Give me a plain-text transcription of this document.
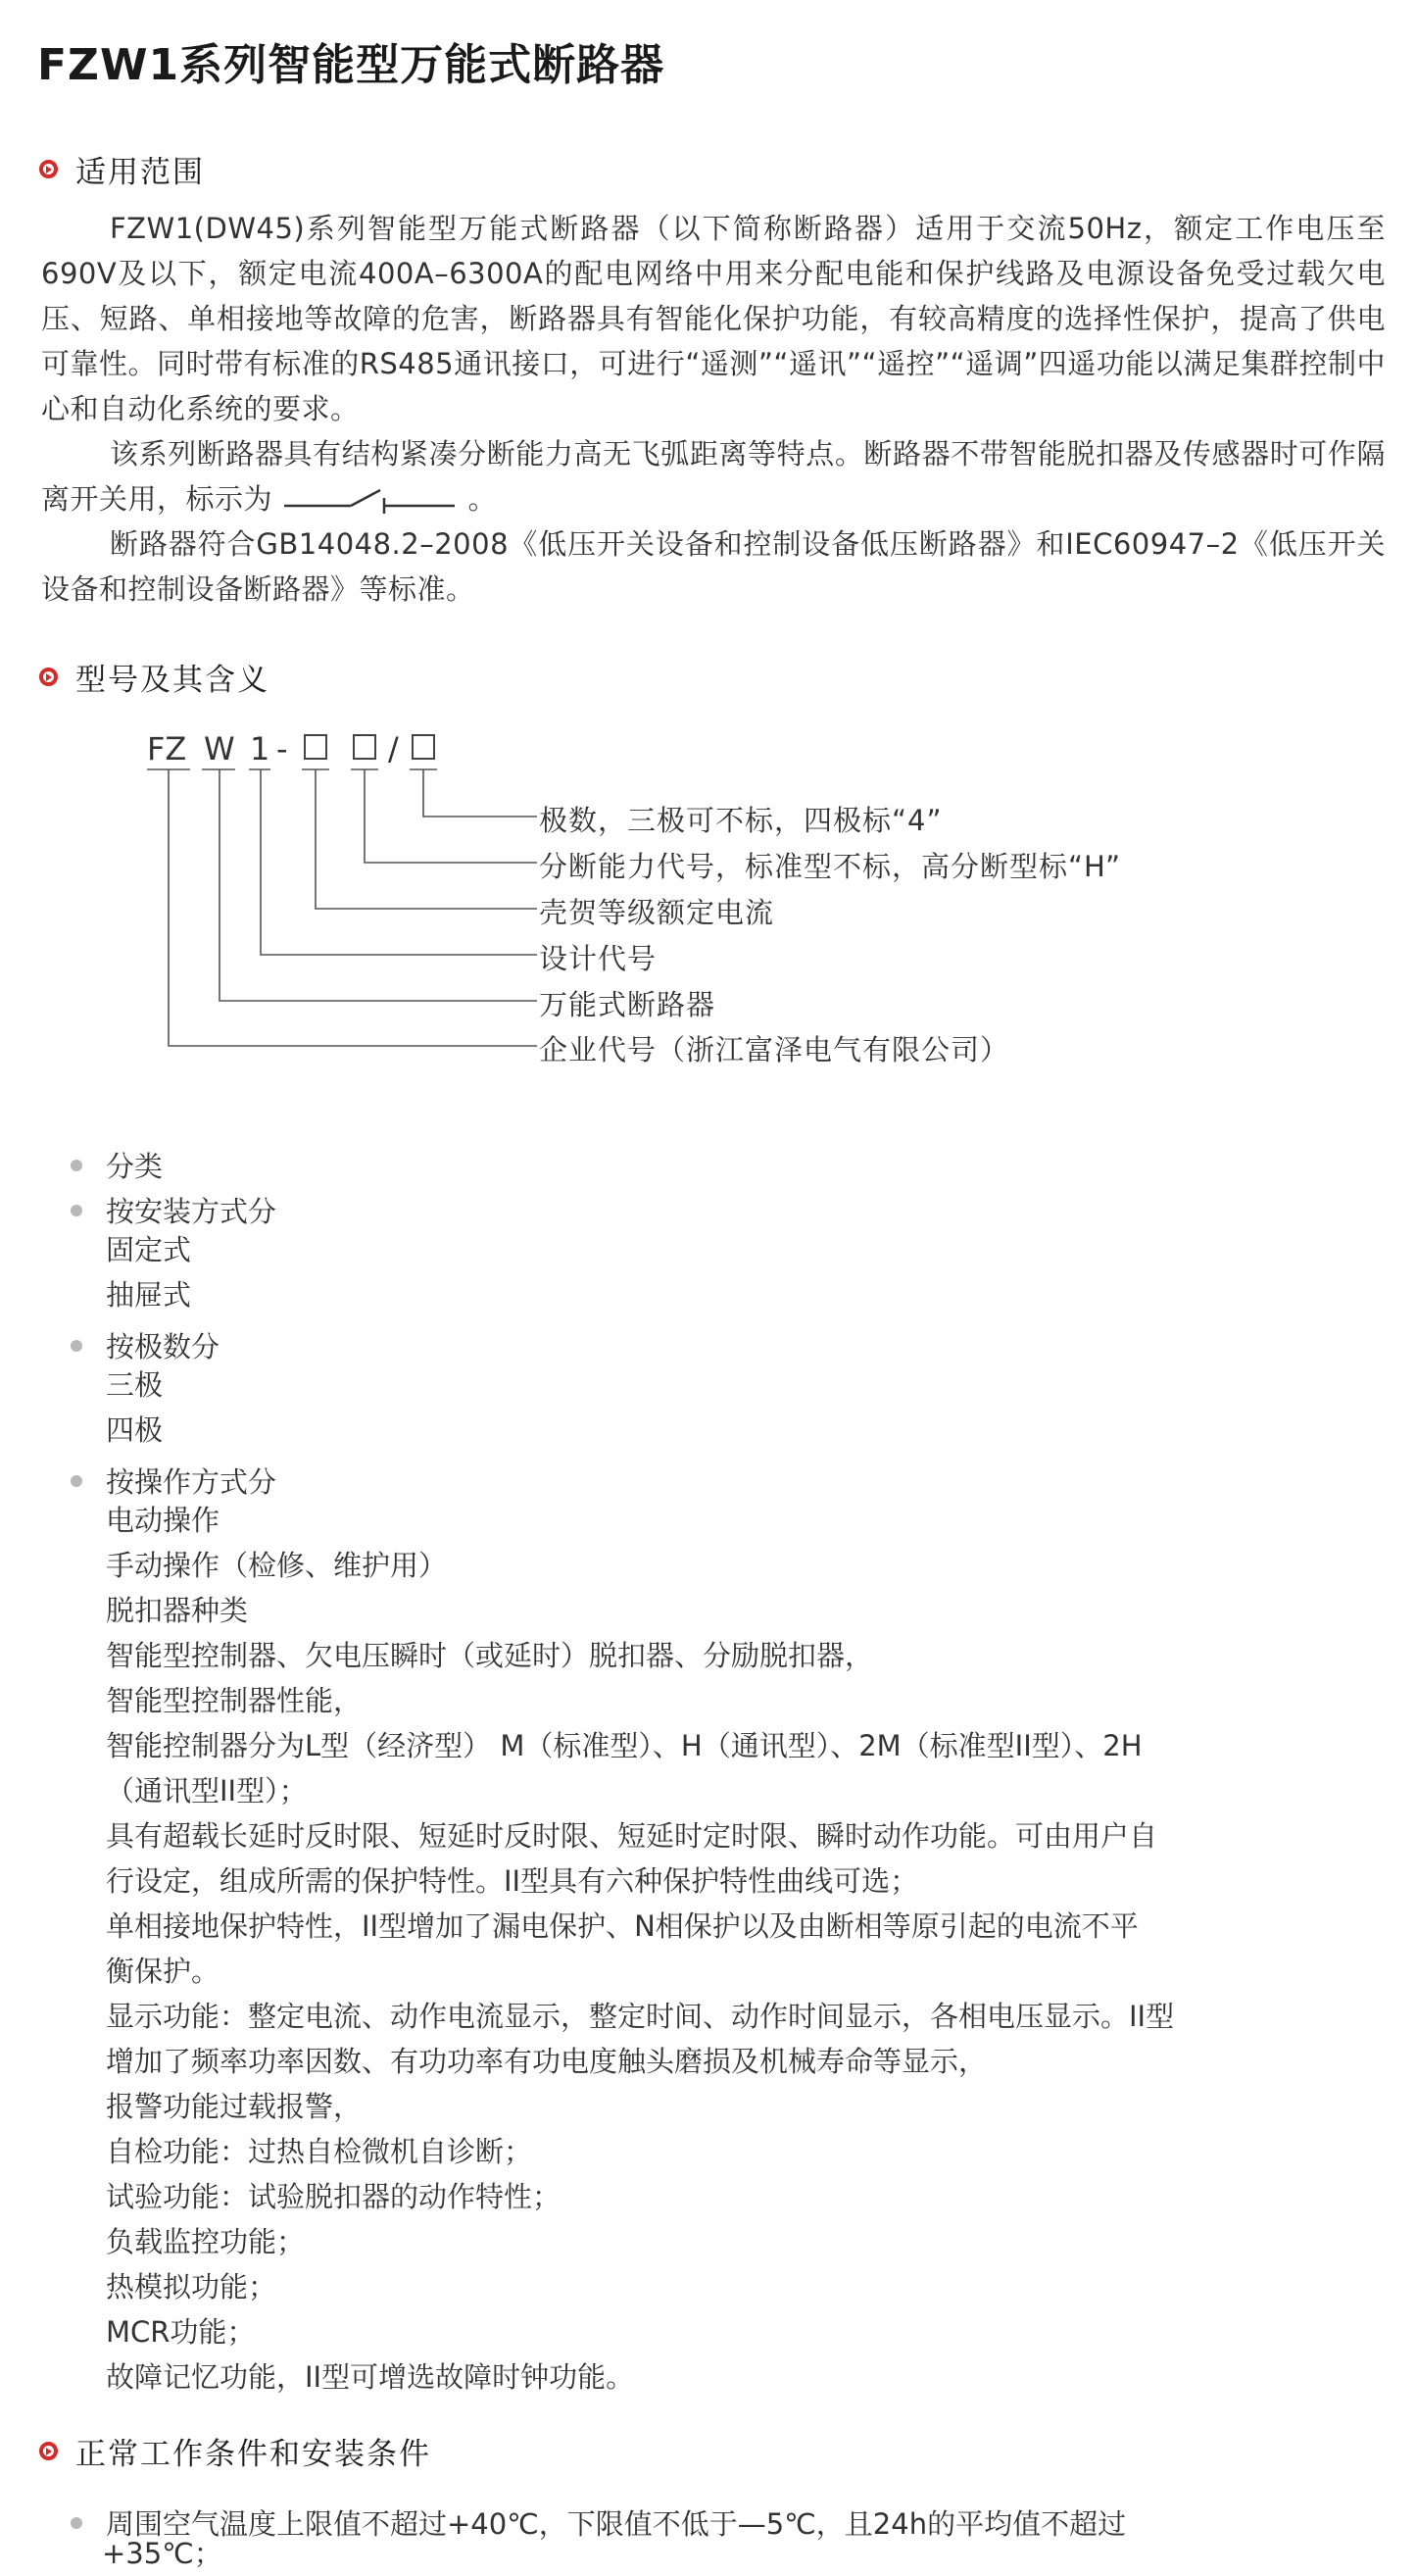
FZW1系列智能型万能式断路器
适用范围

FZW1(DW45)系列智能型万能式断路器（以下简称断路器）适用于交流50Hz，额定工作电压至690V及以下，额定电流400A–6300A的配电网络中用来分配电能和保护线路及电源设备免受过载欠电压、短路、单相接地等故障的危害，断路器具有智能化保护功能，有较高精度的选择性保护，提高了供电可靠性。同时带有标准的RS485通讯接口，可进行“遥测”“遥讯”“遥控”“遥调”四遥功能以满足集群控制中心和自动化系统的要求。

该系列断路器具有结构紧凑分断能力高无飞弧距离等特点。断路器不带智能脱扣器及传感器时可作隔离开关用，标示为	。

断路器符合GB14048.2–2008《低压开关设备和控制设备低压断路器》和IEC60947–2《低压开关设备和控制设备断路器》等标准。

型号及其含义
FZ W 1 -	/
极数，三极可不标，四极标“4”
分断能力代号，标准型不标，高分断型标“H”
壳贺等级额定电流
设计代号
万能式断路器
企业代号（浙江富泽电气有限公司）
分类
按安装方式分
固定式
抽屉式
按极数分
三极
四极
按操作方式分
电动操作
手动操作（检修、维护用）
脱扣器种类
智能型控制器、欠电压瞬时（或延时）脱扣器、分励脱扣器，
智能型控制器性能，
智能控制器分为L型（经济型） M（标准型）、H（通讯型）、2M（标准型II型）、2H
（通讯型II型）；
具有超载长延时反时限、短延时反时限、短延时定时限、瞬时动作功能。可由用户自
行设定，组成所需的保护特性。II型具有六种保护特性曲线可选；
单相接地保护特性，II型增加了漏电保护、N相保护以及由断相等原引起的电流不平
衡保护。
显示功能：整定电流、动作电流显示，整定时间、动作时间显示，各相电压显示。II型
增加了频率功率因数、有功功率有功电度触头磨损及机械寿命等显示，
报警功能过载报警，
自检功能：过热自检微机自诊断；
试验功能：试验脱扣器的动作特性；
负载监控功能；
热模拟功能；
MCR功能；
故障记忆功能，II型可增选故障时钟功能。
正常工作条件和安装条件
周围空气温度上限值不超过+40℃，下限值不低于—5℃，且24h的平均值不超过
+35℃；
